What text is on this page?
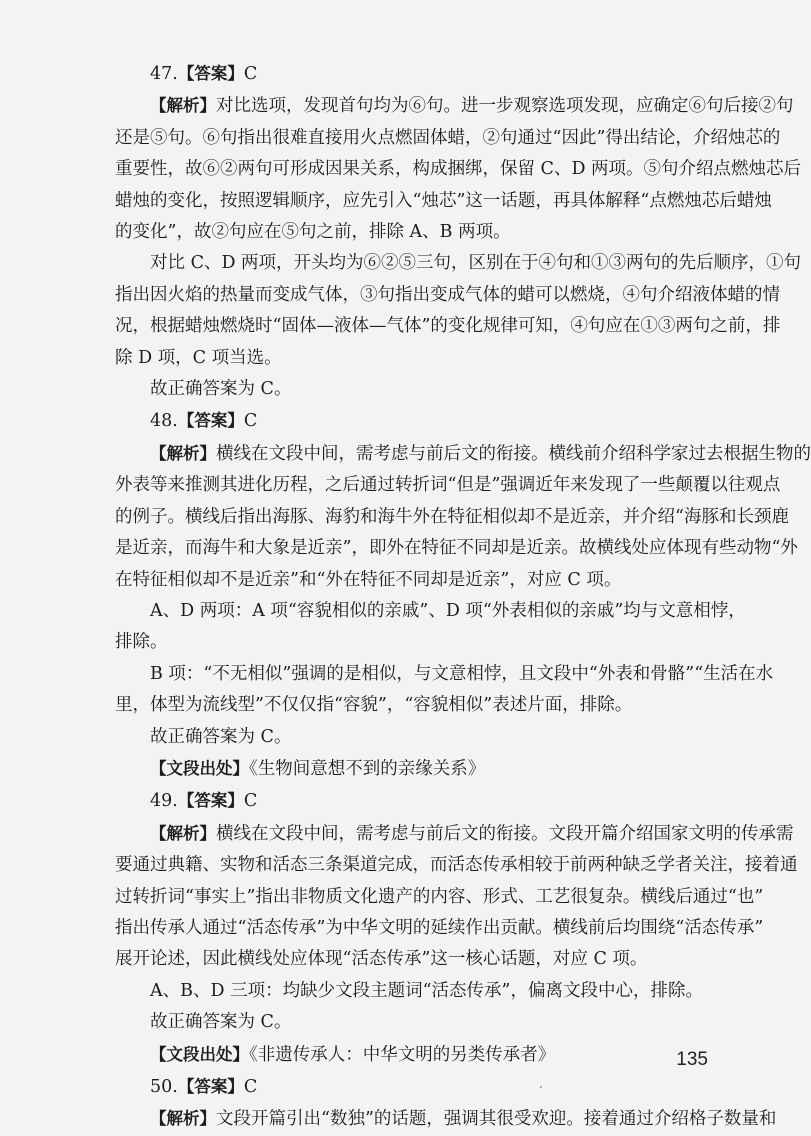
47.【答案】C
【解析】对比选项，发现首句均为⑥句。进一步观察选项发现，应确定⑥句后接②句
还是⑤句。⑥句指出很难直接用火点燃固体蜡，②句通过“因此”得出结论，介绍烛芯的
重要性，故⑥②两句可形成因果关系，构成捆绑，保留 C、D 两项。⑤句介绍点燃烛芯后
蜡烛的变化，按照逻辑顺序，应先引入“烛芯”这一话题，再具体解释“点燃烛芯后蜡烛
的变化”，故②句应在⑤句之前，排除 A、B 两项。
对比 C、D 两项，开头均为⑥②⑤三句，区别在于④句和①③两句的先后顺序，①句
指出因火焰的热量而变成气体，③句指出变成气体的蜡可以燃烧，④句介绍液体蜡的情
况，根据蜡烛燃烧时“固体—液体—气体”的变化规律可知，④句应在①③两句之前，排
除 D 项，C 项当选。
故正确答案为 C。
48.【答案】C
【解析】横线在文段中间，需考虑与前后文的衔接。横线前介绍科学家过去根据生物的
外表等来推测其进化历程，之后通过转折词“但是”强调近年来发现了一些颠覆以往观点
的例子。横线后指出海豚、海豹和海牛外在特征相似却不是近亲，并介绍“海豚和长颈鹿
是近亲，而海牛和大象是近亲”，即外在特征不同却是近亲。故横线处应体现有些动物“外
在特征相似却不是近亲”和“外在特征不同却是近亲”，对应 C 项。
A、D 两项：A 项“容貌相似的亲戚”、D 项“外表相似的亲戚”均与文意相悖，
排除。
B 项：“不无相似”强调的是相似，与文意相悖，且文段中“外表和骨骼”“生活在水
里，体型为流线型”不仅仅指“容貌”，“容貌相似”表述片面，排除。
故正确答案为 C。
【文段出处】《生物间意想不到的亲缘关系》
49.【答案】C
【解析】横线在文段中间，需考虑与前后文的衔接。文段开篇介绍国家文明的传承需
要通过典籍、实物和活态三条渠道完成，而活态传承相较于前两种缺乏学者关注，接着通
过转折词“事实上”指出非物质文化遗产的内容、形式、工艺很复杂。横线后通过“也”
指出传承人通过“活态传承”为中华文明的延续作出贡献。横线前后均围绕“活态传承”
展开论述，因此横线处应体现“活态传承”这一核心话题，对应 C 项。
A、B、D 三项：均缺少文段主题词“活态传承”，偏离文段中心，排除。
故正确答案为 C。
【文段出处】《非遗传承人：中华文明的另类传承者》
50.【答案】C
【解析】文段开篇引出“数独”的话题，强调其很受欢迎。接着通过介绍格子数量和
135
